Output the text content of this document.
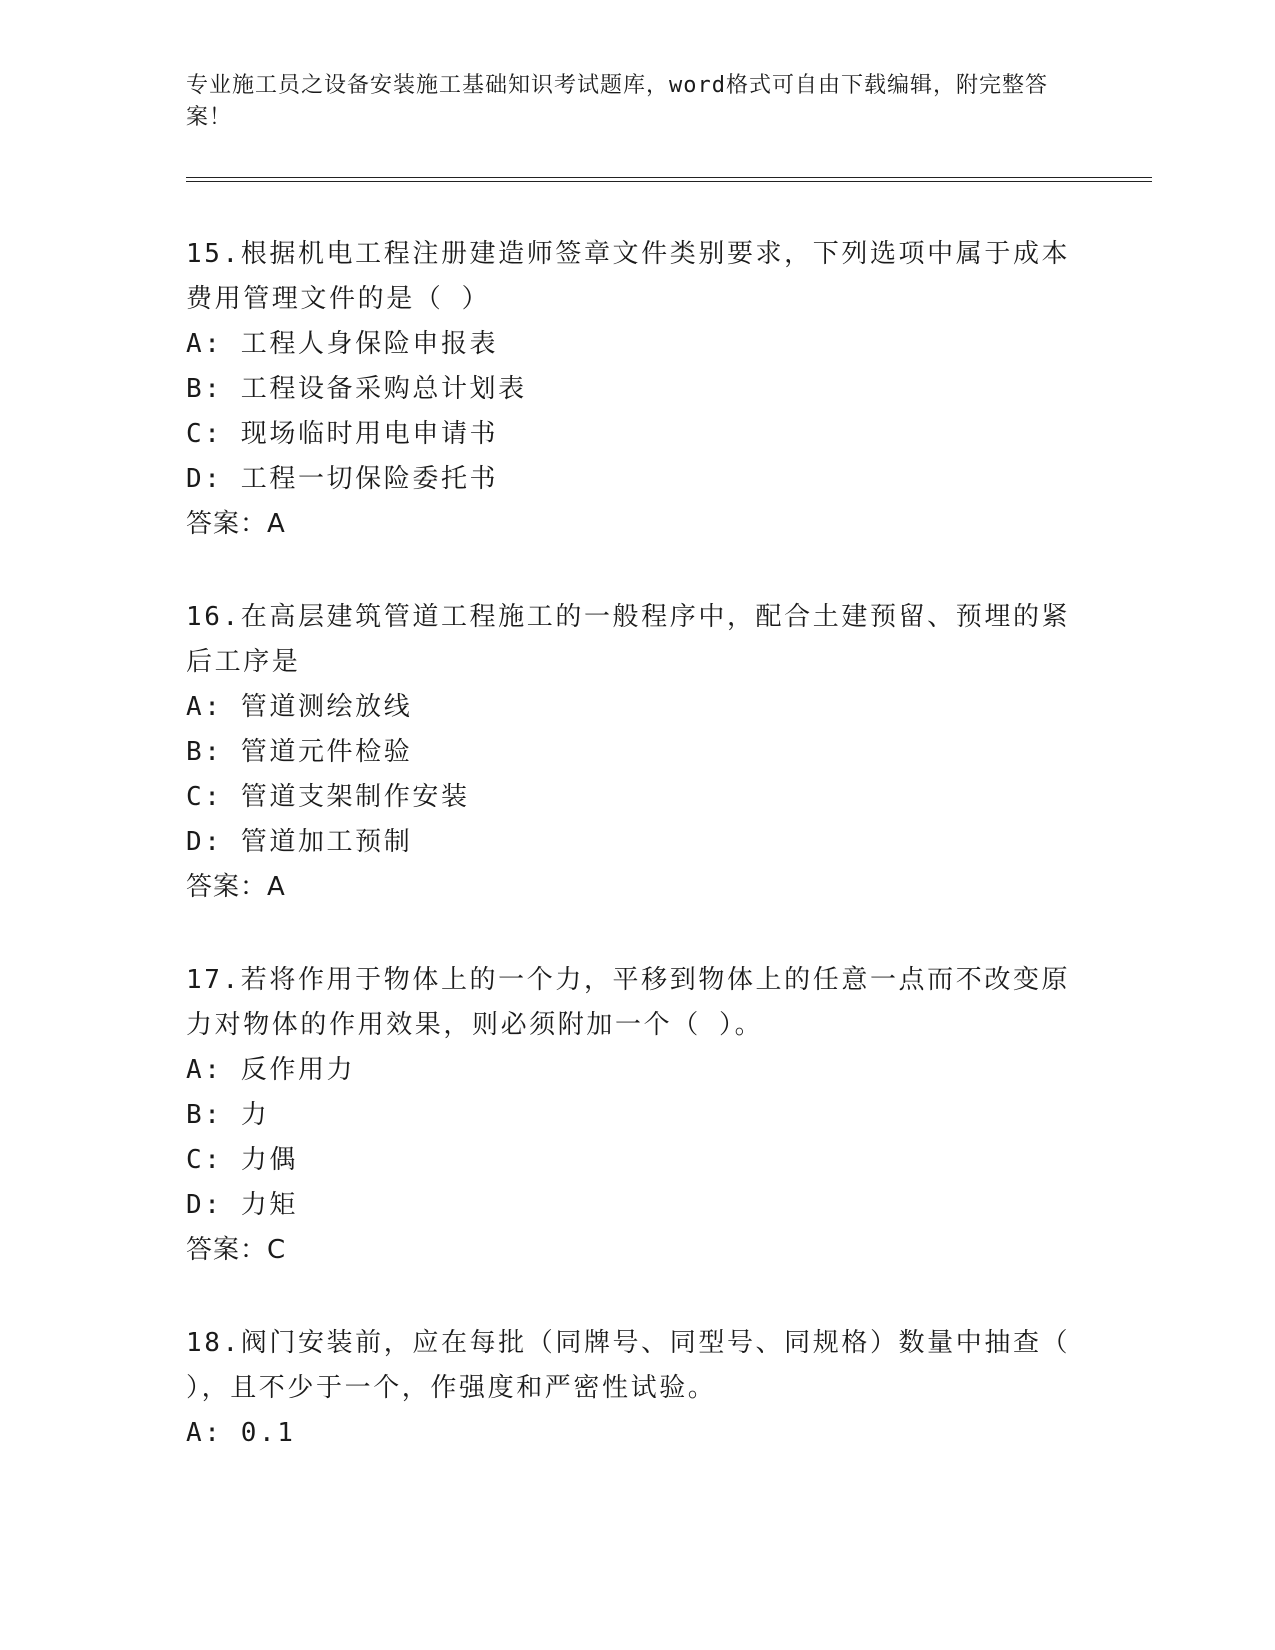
专业施工员之设备安装施工基础知识考试题库，word格式可自由下载编辑，附完整答案！

15.根据机电工程注册建造师签章文件类别要求，下列选项中属于成本费用管理文件的是（ ）

A: 工程人身保险申报表

B: 工程设备采购总计划表

C: 现场临时用电申请书

D: 工程一切保险委托书

答案：A

16.在高层建筑管道工程施工的一般程序中，配合土建预留、预埋的紧后工序是

A: 管道测绘放线

B: 管道元件检验

C: 管道支架制作安装

D: 管道加工预制

答案：A

17.若将作用于物体上的一个力，平移到物体上的任意一点而不改变原力对物体的作用效果，则必须附加一个（ ）。

A: 反作用力

B: 力

C: 力偶

D: 力矩

答案：C

18.阀门安装前，应在每批（同牌号、同型号、同规格）数量中抽查（ ），且不少于一个，作强度和严密性试验。

A: 0.1
